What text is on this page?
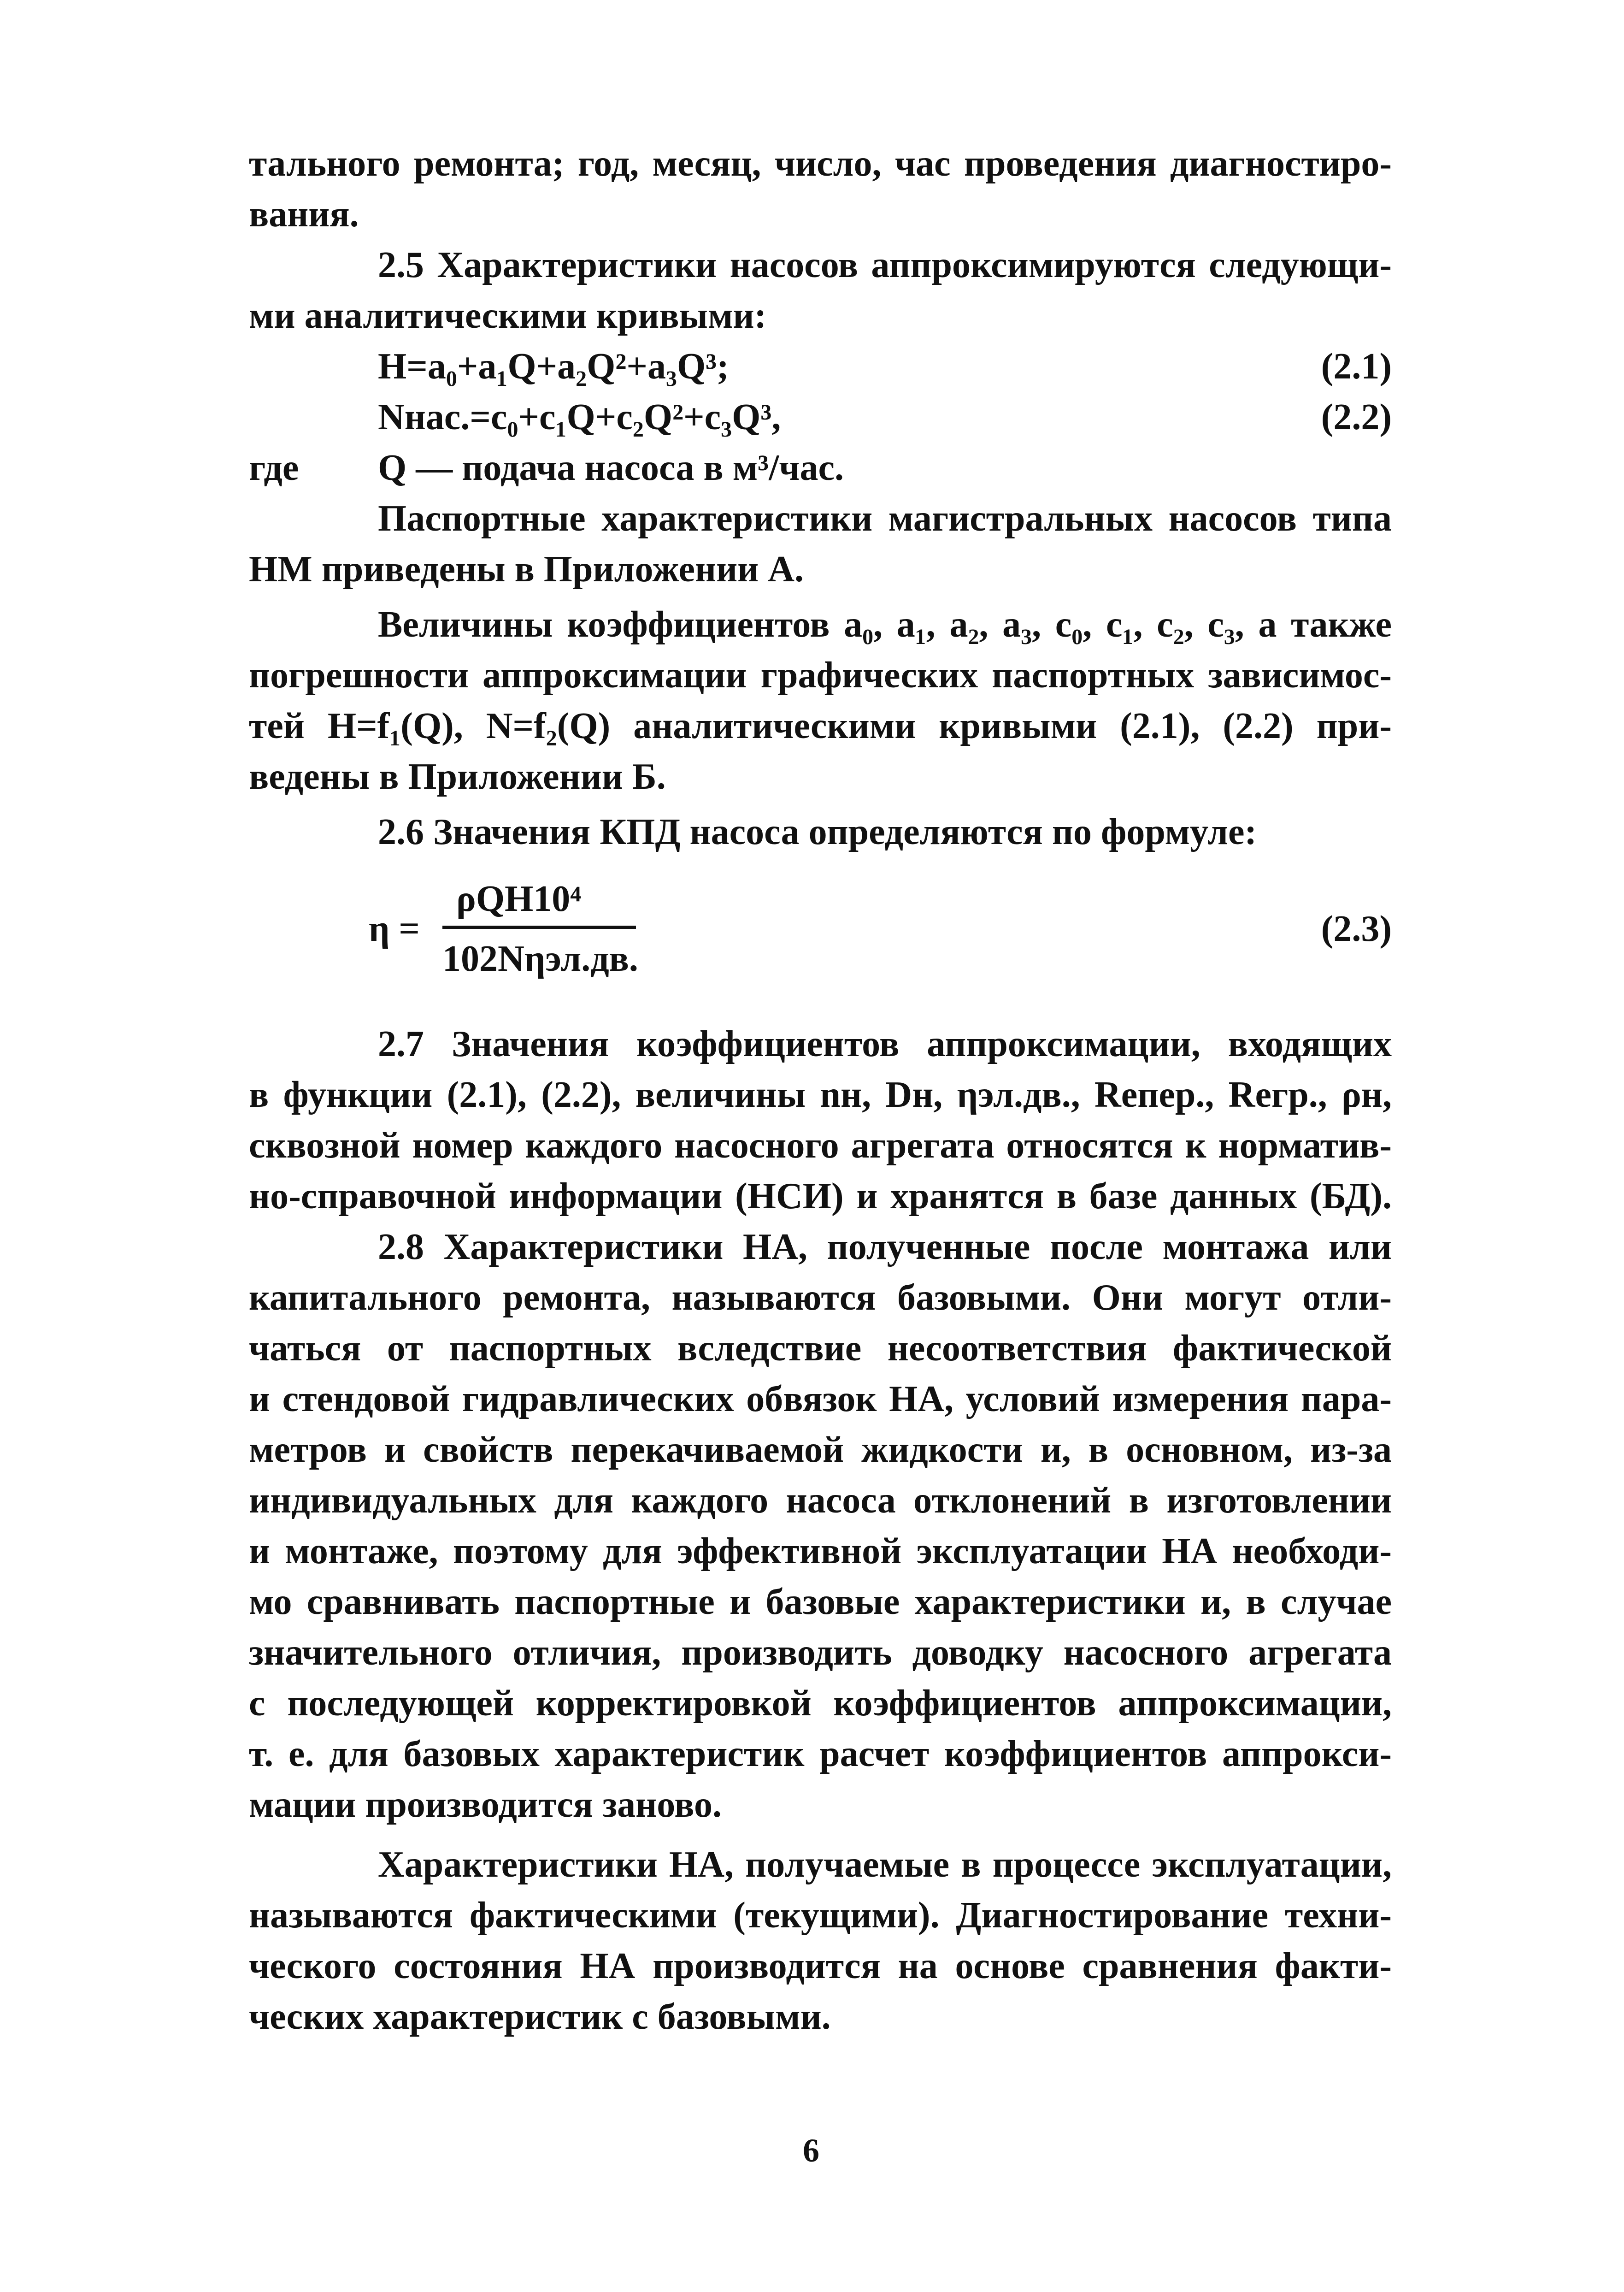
тального ремонта; год, месяц, число, час проведения диагностиро-
вания.
2.5 Характеристики насосов аппроксимируются следующи-
ми аналитическими кривыми:
H=a₀+a₁Q+a₂Q²+a₃Q³;	(2.1)
Nнас.=c₀+c₁Q+c₂Q²+c₃Q³,	(2.2)
где Q — подача насоса в м³/час.
Паспортные характеристики магистральных насосов типа
НМ приведены в Приложении А.
Величины коэффициентов a₀, a₁, a₂, a₃, c₀, c₁, c₂, c₃, а также
погрешности аппроксимации графических паспортных зависимос-
тей H=f₁(Q), N=f₂(Q) аналитическими кривыми (2.1), (2.2) при-
ведены в Приложении Б.
2.6 Значения КПД насоса определяются по формуле:
η =
ρQH10⁴
102Nηэл.дв.
(2.3)
2.7 Значения коэффициентов аппроксимации, входящих
в функции (2.1), (2.2), величины nн, Dн, ηэл.дв., Reпер., Reгр., ρн,
сквозной номер каждого насосного агрегата относятся к норматив-
но-справочной информации (НСИ) и хранятся в базе данных (БД).
2.8 Характеристики НА, полученные после монтажа или
капитального ремонта, называются базовыми. Они могут отли-
чаться от паспортных вследствие несоответствия фактической
и стендовой гидравлических обвязок НА, условий измерения пара-
метров и свойств перекачиваемой жидкости и, в основном, из-за
индивидуальных для каждого насоса отклонений в изготовлении
и монтаже, поэтому для эффективной эксплуатации НА необходи-
мо сравнивать паспортные и базовые характеристики и, в случае
значительного отличия, производить доводку насосного агрегата
с последующей корректировкой коэффициентов аппроксимации,
т. е. для базовых характеристик расчет коэффициентов аппрокси-
мации производится заново.
Характеристики НА, получаемые в процессе эксплуатации,
называются фактическими (текущими). Диагностирование техни-
ческого состояния НА производится на основе сравнения факти-
ческих характеристик с базовыми.
6
